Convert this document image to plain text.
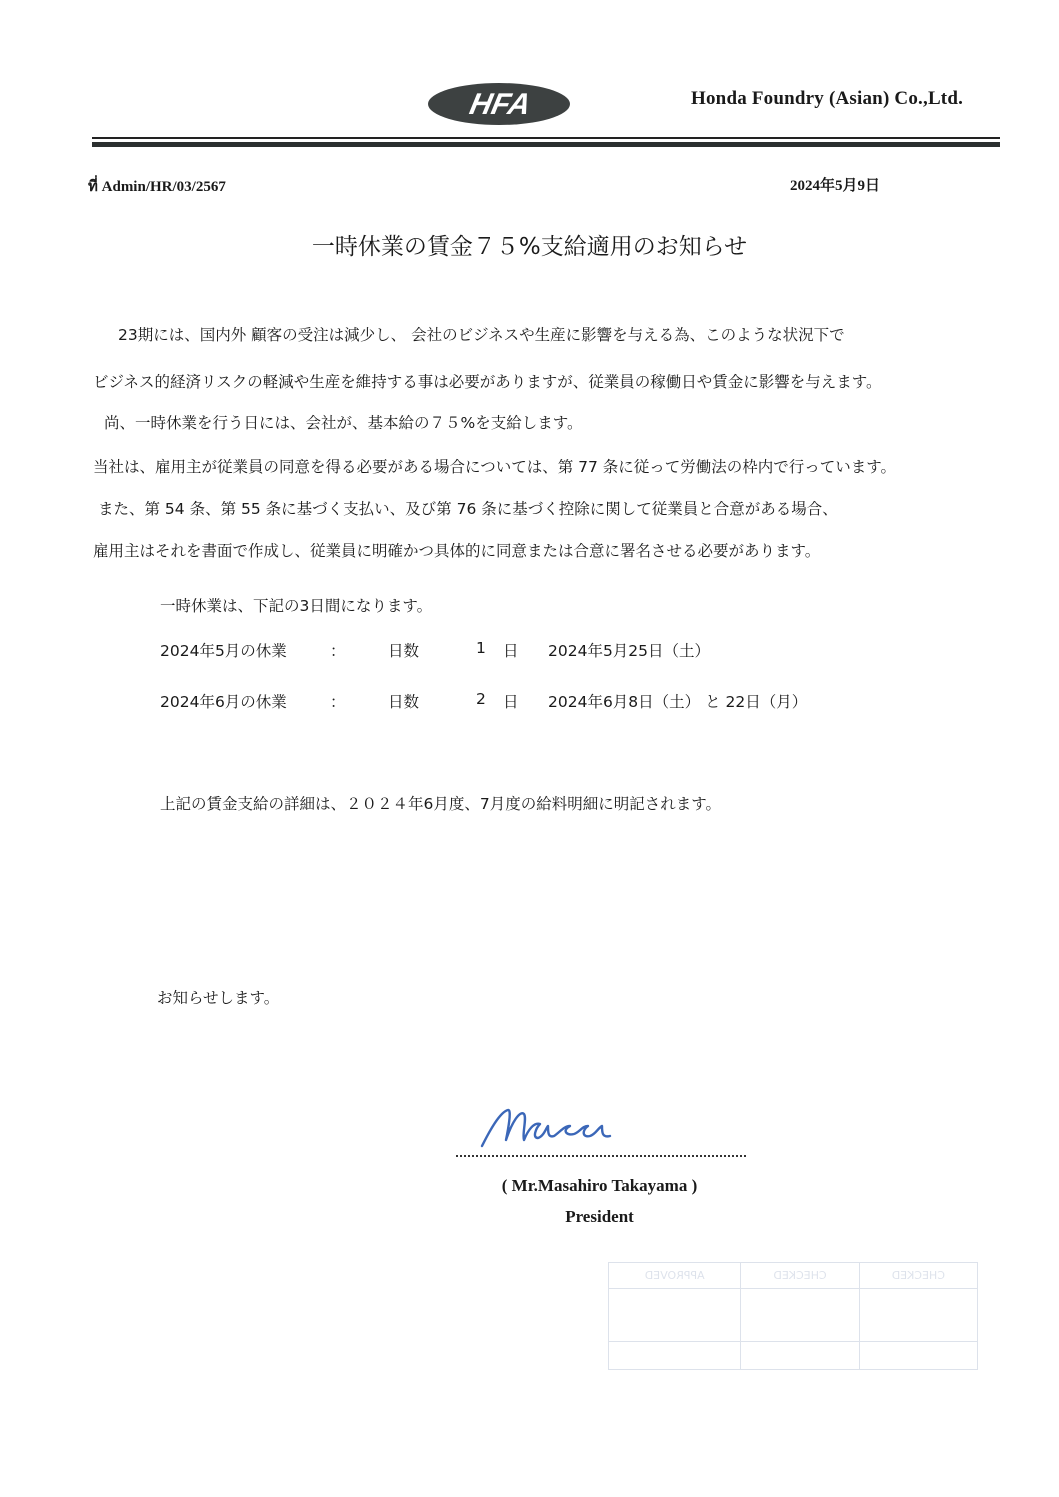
HFA	Honda Foundry (Asian) Co.,Ltd.
ที่ Admin/HR/03/2567	2024年5月9日
一時休業の賃金７５%支給適用のお知らせ
23期には、国内外 顧客の受注は減少し、 会社のビジネスや生産に影響を与える為、このような状況下で
ビジネス的経済リスクの軽減や生産を維持する事は必要がありますが、従業員の稼働日や賃金に影響を与えます。
尚、一時休業を行う日には、会社が、基本給の７５%を支給します。
当社は、雇用主が従業員の同意を得る必要がある場合については、第 77 条に従って労働法の枠内で行っています。
また、第 54 条、第 55 条に基づく支払い、及び第 76 条に基づく控除に関して従業員と合意がある場合、
雇用主はそれを書面で作成し、従業員に明確かつ具体的に同意または合意に署名させる必要があります。
一時休業は、下記の3日間になります。
2024年5月の休業	：	日数	1 日 2024年5月25日（土）
2024年6月の休業	：	日数	2 日 2024年6月8日（土） と 22日（月）
上記の賃金支給の詳細は、２０２４年6月度、7月度の給料明細に明記されます。
お知らせします。
( Mr.Masahiro Takayama )
President
CHECKED	CHECKED	APPROVED
